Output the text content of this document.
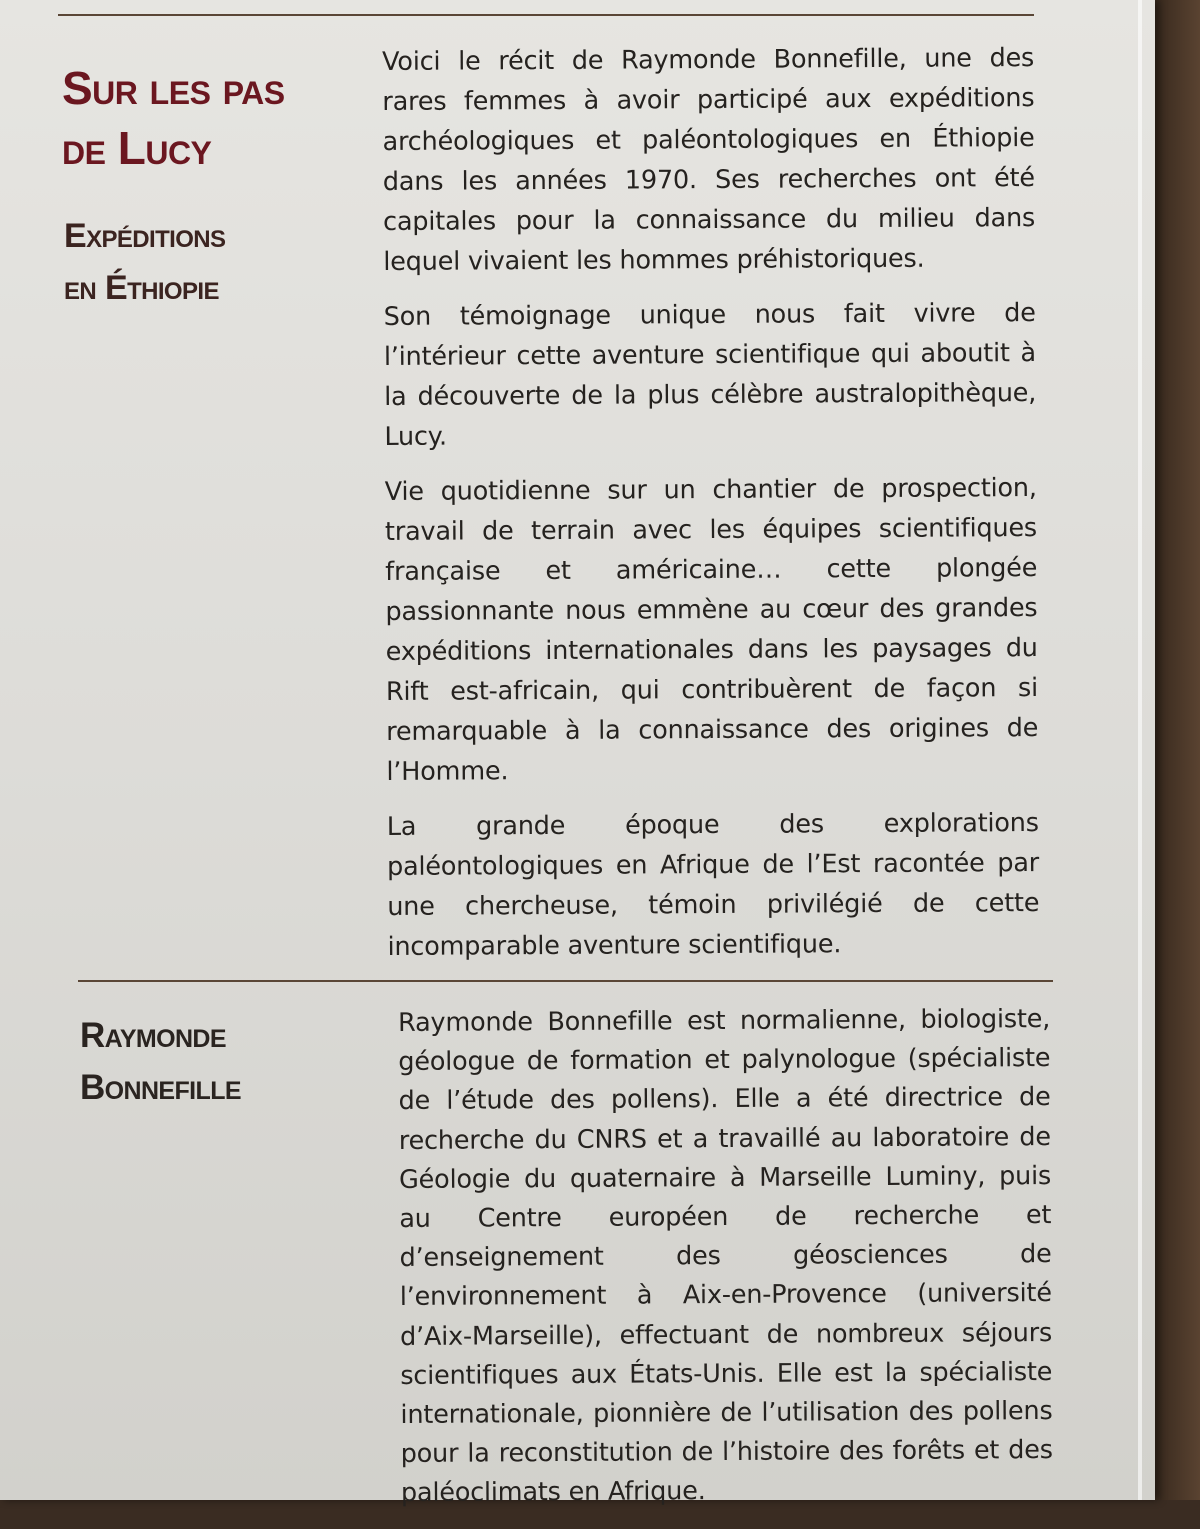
Sur les pas
de Lucy
Expéditions
en Éthiopie

Voici le récit de Raymonde Bonnefille, une des rares femmes à avoir participé aux expéditions archéologiques et paléontologiques en Éthiopie dans les années 1970. Ses recherches ont été capitales pour la connaissance du milieu dans lequel vivaient les hommes préhistoriques.

Son témoignage unique nous fait vivre de l’intérieur cette aventure scientifique qui aboutit à la découverte de la plus célèbre australopithèque, Lucy.

Vie quotidienne sur un chantier de prospection, travail de terrain avec les équipes scientifiques française et américaine… cette plongée passionnante nous emmène au cœur des grandes expéditions internationales dans les paysages du Rift est-africain, qui contribuèrent de façon si remarquable à la connaissance des origines de l’Homme.

La grande époque des explorations paléontologiques en Afrique de l’Est racontée par une chercheuse, témoin privilégié de cette incomparable aventure scientifique.

Raymonde
Bonnefille

Raymonde Bonnefille est normalienne, biologiste, géologue de formation et palynologue (spécialiste de l’étude des pollens). Elle a été directrice de recherche du CNRS et a travaillé au laboratoire de Géologie du quaternaire à Marseille Luminy, puis au Centre européen de recherche et d’enseignement des géosciences de l’environnement à Aix-en-Provence (université d’Aix-Marseille), effectuant de nombreux séjours scientifiques aux États-Unis. Elle est la spécialiste internationale, pionnière de l’utilisation des pollens pour la reconstitution de l’histoire des forêts et des paléoclimats en Afrique.
